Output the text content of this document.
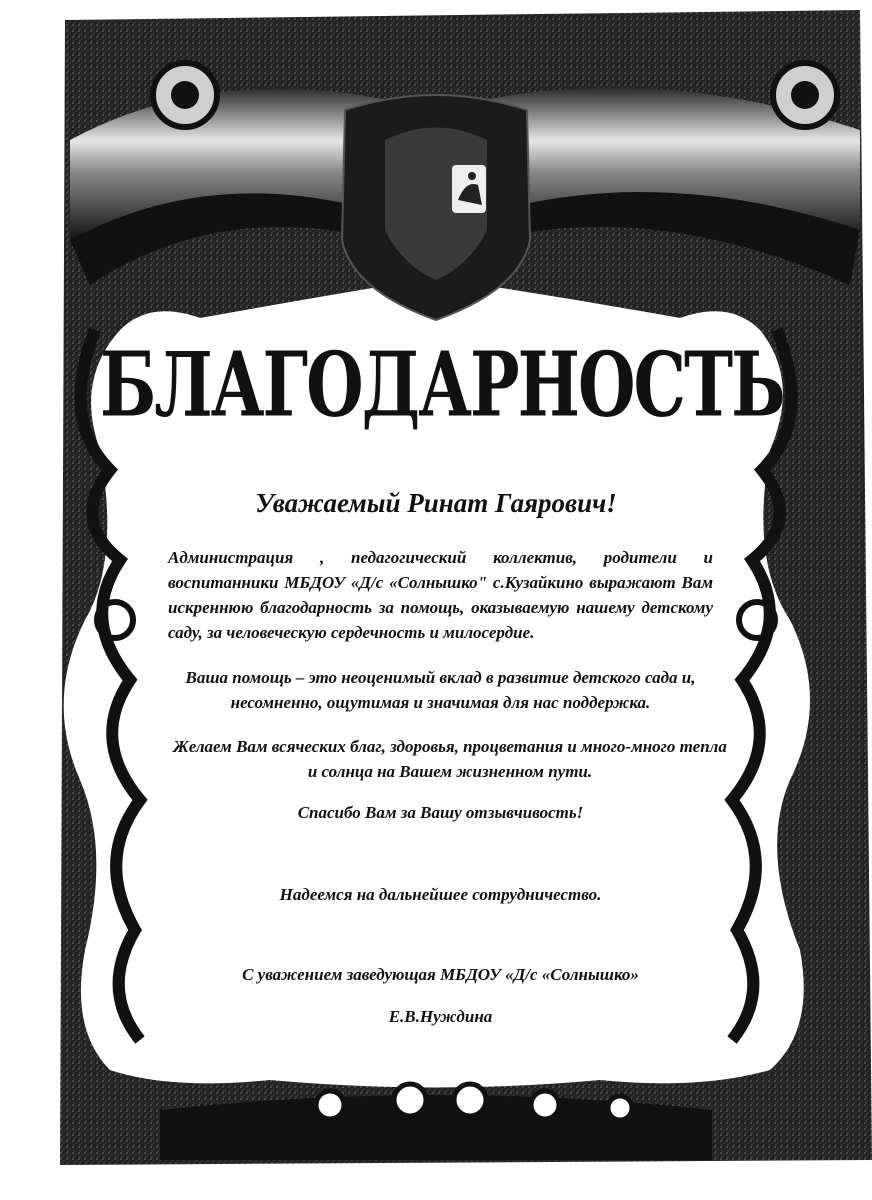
БЛАГОДАРНОСТЬ
Уважаемый Ринат Гаярович!
Администрация , педагогический коллектив, родители и воспитанники МБДОУ «Д/с «Солнышко" с.Кузайкино выражают Вам искреннюю благодарность за помощь, оказываемую нашему детскому саду, за человеческую сердечность и милосердие.
Ваша помощь – это неоценимый вклад в развитие детского сада и, несомненно, ощутимая и значимая для нас поддержка.
Желаем Вам всяческих благ, здоровья, процветания и много-много тепла и солнца на Вашем жизненном пути.
Спасибо Вам за Вашу отзывчивость!
Надеемся на дальнейшее сотрудничество.
С уважением заведующая МБДОУ «Д/с «Солнышко»
Е.В.Нуждина
